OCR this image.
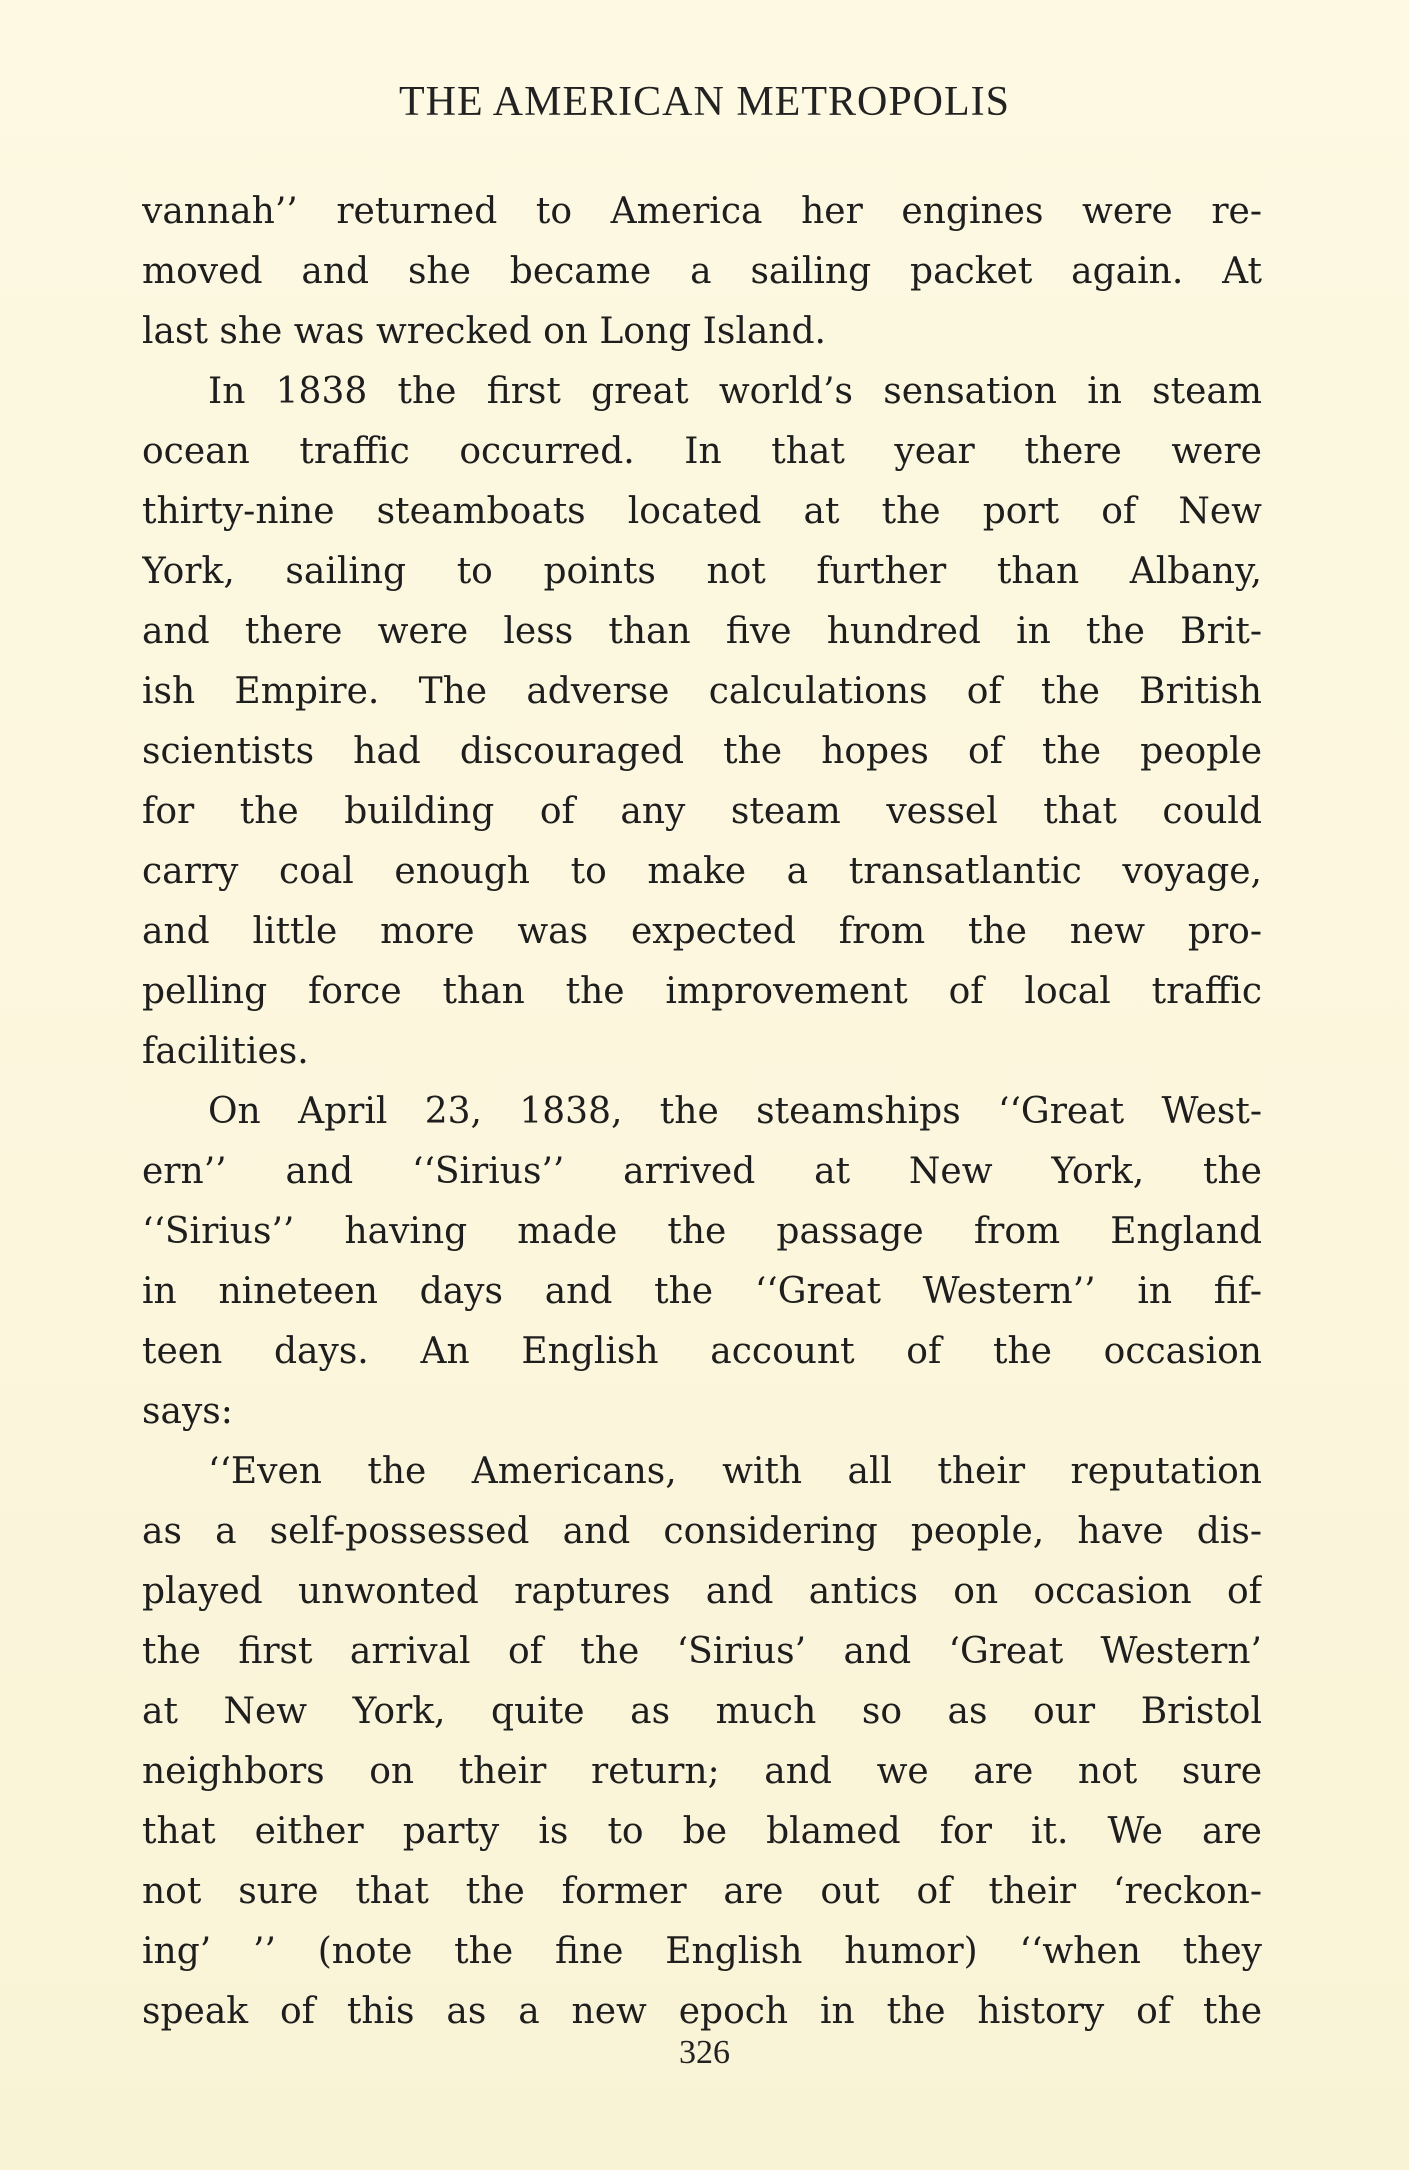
THE AMERICAN METROPOLIS
vannah’’ returned to America her engines were re-
moved and she became a sailing packet again. At
last she was wrecked on Long Island.
In 1838 the first great world’s sensation in steam
ocean traffic occurred. In that year there were
thirty-nine steamboats located at the port of New
York, sailing to points not further than Albany,
and there were less than five hundred in the Brit-
ish Empire. The adverse calculations of the British
scientists had discouraged the hopes of the people
for the building of any steam vessel that could
carry coal enough to make a transatlantic voyage,
and little more was expected from the new pro-
pelling force than the improvement of local traffic
facilities.
On April 23, 1838, the steamships ‘‘Great West-
ern’’ and ‘‘Sirius’’ arrived at New York, the
‘‘Sirius’’ having made the passage from England
in nineteen days and the ‘‘Great Western’’ in fif-
teen days. An English account of the occasion
says:
‘‘Even the Americans, with all their reputation
as a self-possessed and considering people, have dis-
played unwonted raptures and antics on occasion of
the first arrival of the ‘Sirius’ and ‘Great Western’
at New York, quite as much so as our Bristol
neighbors on their return; and we are not sure
that either party is to be blamed for it. We are
not sure that the former are out of their ‘reckon-
ing’ ’’ (note the fine English humor) ‘‘when they
speak of this as a new epoch in the history of the
326
